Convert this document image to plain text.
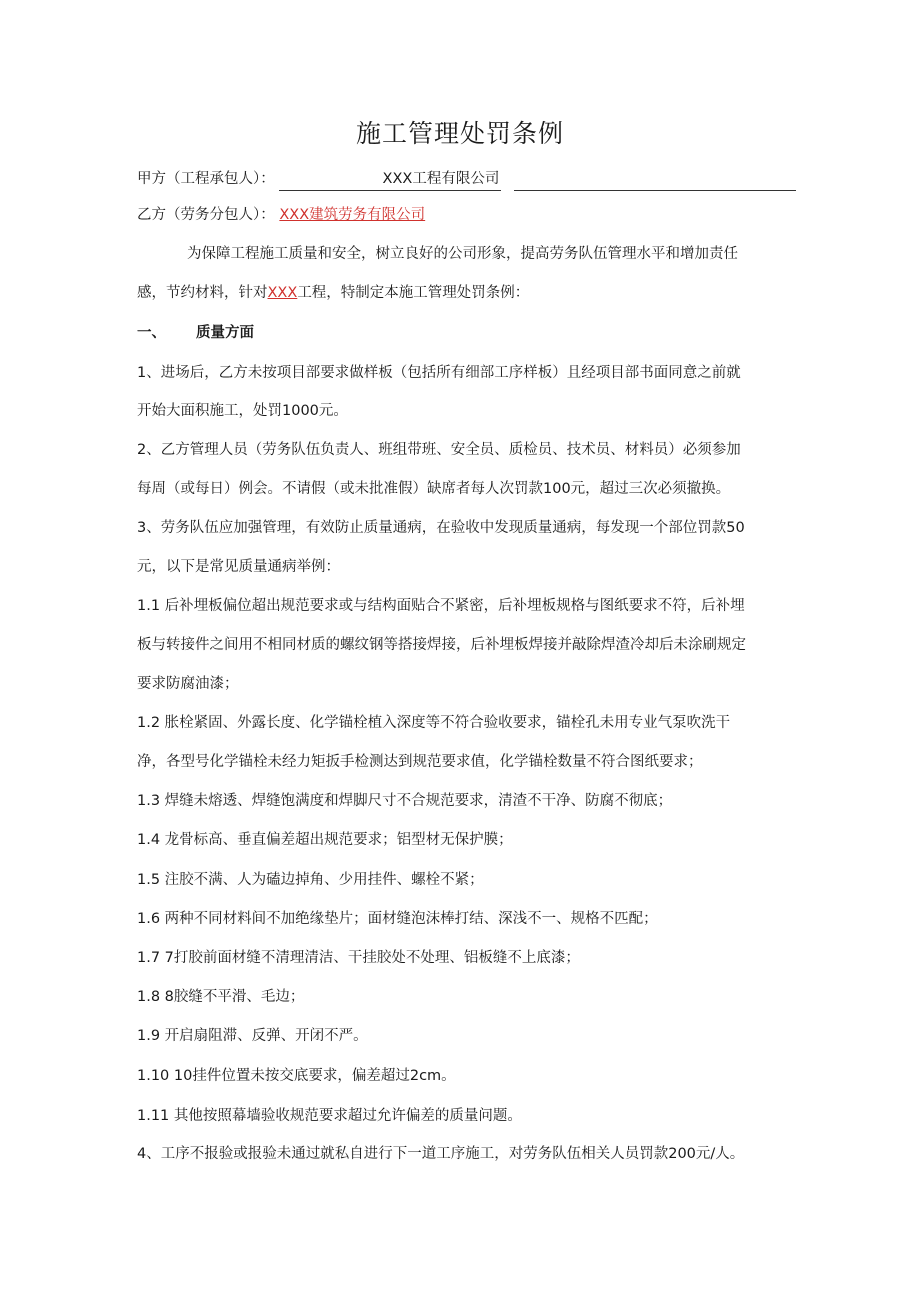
施工管理处罚条例
甲方（工程承包人）：	XXX工程有限公司
乙方（劳务分包人）： XXX建筑劳务有限公司
为保障工程施工质量和安全，树立良好的公司形象，提高劳务队伍管理水平和增加责任
感，节约材料，针对XXX工程，特制定本施工管理处罚条例：
一、 质量方面
1、进场后，乙方未按项目部要求做样板（包括所有细部工序样板）且经项目部书面同意之前就
开始大面积施工，处罚1000元。
2、乙方管理人员（劳务队伍负责人、班组带班、安全员、质检员、技术员、材料员）必须参加
每周（或每日）例会。不请假（或未批准假）缺席者每人次罚款100元，超过三次必须撤换。
3、劳务队伍应加强管理，有效防止质量通病，在验收中发现质量通病，每发现一个部位罚款50
元，以下是常见质量通病举例：
1.1 后补埋板偏位超出规范要求或与结构面贴合不紧密，后补埋板规格与图纸要求不符，后补埋
板与转接件之间用不相同材质的螺纹钢等搭接焊接，后补埋板焊接并敲除焊渣冷却后未涂刷规定
要求防腐油漆；
1.2 胀栓紧固、外露长度、化学锚栓植入深度等不符合验收要求，锚栓孔未用专业气泵吹洗干
净，各型号化学锚栓未经力矩扳手检测达到规范要求值，化学锚栓数量不符合图纸要求；
1.3 焊缝未熔透、焊缝饱满度和焊脚尺寸不合规范要求，清渣不干净、防腐不彻底；
1.4 龙骨标高、垂直偏差超出规范要求；铝型材无保护膜；
1.5 注胶不满、人为磕边掉角、少用挂件、螺栓不紧；
1.6 两种不同材料间不加绝缘垫片；面材缝泡沫棒打结、深浅不一、规格不匹配；
1.7 7打胶前面材缝不清理清洁、干挂胶处不处理、铝板缝不上底漆；
1.8 8胶缝不平滑、毛边；
1.9 开启扇阻滞、反弹、开闭不严。
1.10 10挂件位置未按交底要求，偏差超过2cm。
1.11 其他按照幕墙验收规范要求超过允许偏差的质量问题。
4、工序不报验或报验未通过就私自进行下一道工序施工，对劳务队伍相关人员罚款200元/人。
